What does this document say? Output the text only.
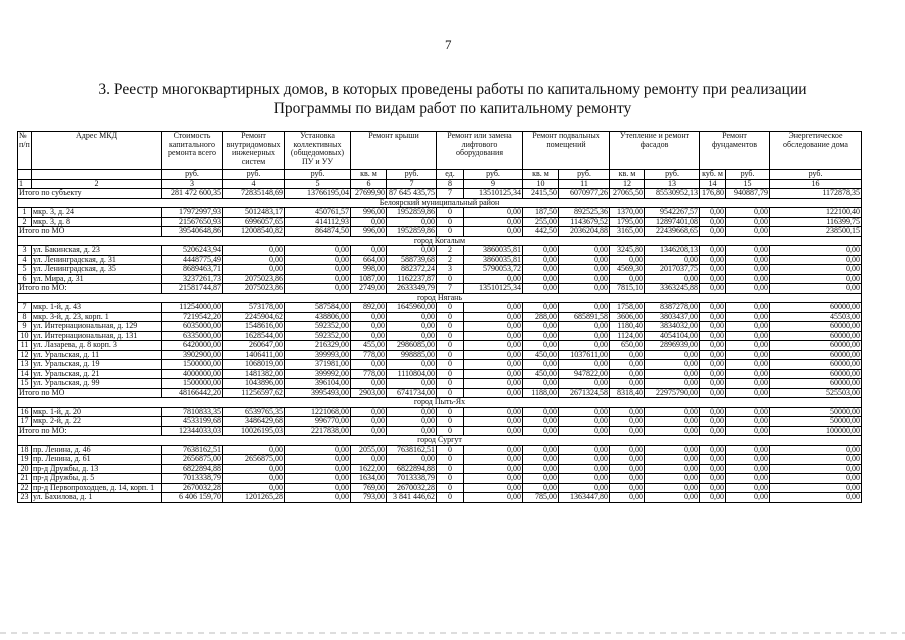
7
3. Реестр многоквартирных домов, в которых проведены работы по капитальному ремонту при реализации
Программы по видам работ по капитальному ремонту
№ п/п	Адрес МКД	Стоимость капитального ремонта всего	Ремонт внутридомовых инженерных систем	Установка коллективных (общедомовых) ПУ и УУ	Ремонт крыши		Ремонт или замена лифтового оборудования		Ремонт подвальных помещений		Утепление и ремонт фасадов		Ремонт фундаментов		Энергетическое обследование дома
		руб.	руб.	руб.	кв. м	руб.	ед.	руб.	кв. м	руб.	кв. м	руб.	куб. м	руб.	руб.
1	2	3	4	5	6	7	8	9	10	11	12	13	14	15	16
Итого по субъекту		281 472 600,35	72835148,69	13766195,04	27699,90	87 645 435,75	7	13510125,34	2415,50	6070977,26	27065,50	85530952,13	176,80	940887,79	1172878,35
Белоярский муниципальный район															
1	мкр. 3, д. 24	17972997,93	5012483,17	450761,57	996,00	1952859,86	0	0,00	187,50	892525,36	1370,00	9542267,57	0,00	0,00	122100,40
2	мкр. 3, д. 8	21567650,93	6996057,65	414112,93	0,00	0,00	0	0,00	255,00	1143679,52	1795,00	12897401,08	0,00	0,00	116399,75
Итого по МО		39540648,86	12008540,82	864874,50	996,00	1952859,86	0	0,00	442,50	2036204,88	3165,00	22439668,65	0,00	0,00	238500,15
город Когалым															
3	ул. Бакинская, д. 23	5206243,94	0,00	0,00	0,00	0,00	2	3860035,81	0,00	0,00	3245,80	1346208,13	0,00	0,00	0,00
4	ул. Ленинградская, д. 31	4448775,49	0,00	0,00	664,00	588739,68	2	3860035,81	0,00	0,00	0,00	0,00	0,00	0,00	0,00
5	ул. Ленинградская, д. 35	8689463,71	0,00	0,00	998,00	882372,24	3	5790053,72	0,00	0,00	4569,30	2017037,75	0,00	0,00	0,00
6	ул. Мира, д. 31	3237261,73	2075023,86	0,00	1087,00	1162237,87	0	0,00	0,00	0,00	0,00	0,00	0,00	0,00	0,00
Итого по МО:		21581744,87	2075023,86	0,00	2749,00	2633349,79	7	13510125,34	0,00	0,00	7815,10	3363245,88	0,00	0,00	0,00
город Нягань															
7	мкр. 1-й, д. 43	11254000,00	573178,00	587584,00	892,00	1645960,00	0	0,00	0,00	0,00	1758,00	8387278,00	0,00	0,00	60000,00
8	мкр. 3-й, д. 23, корп. 1	7219542,20	2245904,62	438806,00	0,00	0,00	0	0,00	288,00	685891,58	3606,00	3803437,00	0,00	0,00	45503,00
9	ул. Интернациональная, д. 129	6035000,00	1548616,00	592352,00	0,00	0,00	0	0,00	0,00	0,00	1180,40	3834032,00	0,00	0,00	60000,00
10	ул. Интернациональная, д. 131	6335000,00	1628544,00	592352,00	0,00	0,00	0	0,00	0,00	0,00	1124,00	4054104,00	0,00	0,00	60000,00
11	ул. Лазарева, д. 8 корп. 3	6420000,00	260647,00	216329,00	455,00	2986085,00	0	0,00	0,00	0,00	650,00	2896939,00	0,00	0,00	60000,00
12	ул. Уральская, д. 11	3902900,00	1406411,00	399993,00	778,00	998885,00	0	0,00	450,00	1037611,00	0,00	0,00	0,00	0,00	60000,00
13	ул. Уральская, д. 19	1500000,00	1068019,00	371981,00	0,00	0,00	0	0,00	0,00	0,00	0,00	0,00	0,00	0,00	60000,00
14	ул. Уральская, д. 21	4000000,00	1481382,00	399992,00	778,00	1110804,00	0	0,00	450,00	947822,00	0,00	0,00	0,00	0,00	60000,00
15	ул. Уральская, д. 99	1500000,00	1043896,00	396104,00	0,00	0,00	0	0,00	0,00	0,00	0,00	0,00	0,00	0,00	60000,00
Итого по МО		48166442,20	11256597,62	3995493,00	2903,00	6741734,00	0	0,00	1188,00	2671324,58	8318,40	22975790,00	0,00	0,00	525503,00
город Пыть-Ях															
16	мкр. 1-й, д. 20	7810833,35	6539765,35	1221068,00	0,00	0,00	0	0,00	0,00	0,00	0,00	0,00	0,00	0,00	50000,00
17	мкр. 2-й, д. 22	4533199,68	3486429,68	996770,00	0,00	0,00	0	0,00	0,00	0,00	0,00	0,00	0,00	0,00	50000,00
Итого по МО:		12344033,03	10026195,03	2217838,00	0,00	0,00	0	0,00	0,00	0,00	0,00	0,00	0,00	0,00	100000,00
город Сургут															
18	пр. Ленина, д. 46	7638162,51	0,00	0,00	2055,00	7638162,51	0	0,00	0,00	0,00	0,00	0,00	0,00	0,00	0,00
19	пр. Ленина, д. 61	2656875,00	2656875,00	0,00	0,00	0,00	0	0,00	0,00	0,00	0,00	0,00	0,00	0,00	0,00
20	пр-д Дружбы, д. 13	6822894,88	0,00	0,00	1622,00	6822894,88	0	0,00	0,00	0,00	0,00	0,00	0,00	0,00	0,00
21	пр-д Дружбы, д. 5	7013338,79	0,00	0,00	1634,00	7013338,79	0	0,00	0,00	0,00	0,00	0,00	0,00	0,00	0,00
22	пр-д Первопроходцев, д. 14, корп. 1	2670032,28	0,00	0,00	769,00	2670032,28	0	0,00	0,00	0,00	0,00	0,00	0,00	0,00	0,00
23	ул. Бахилова, д. 1	6 406 159,70	1201265,28	0,00	793,00	3 841 446,62	0	0,00	785,00	1363447,80	0,00	0,00	0,00	0,00	0,00
